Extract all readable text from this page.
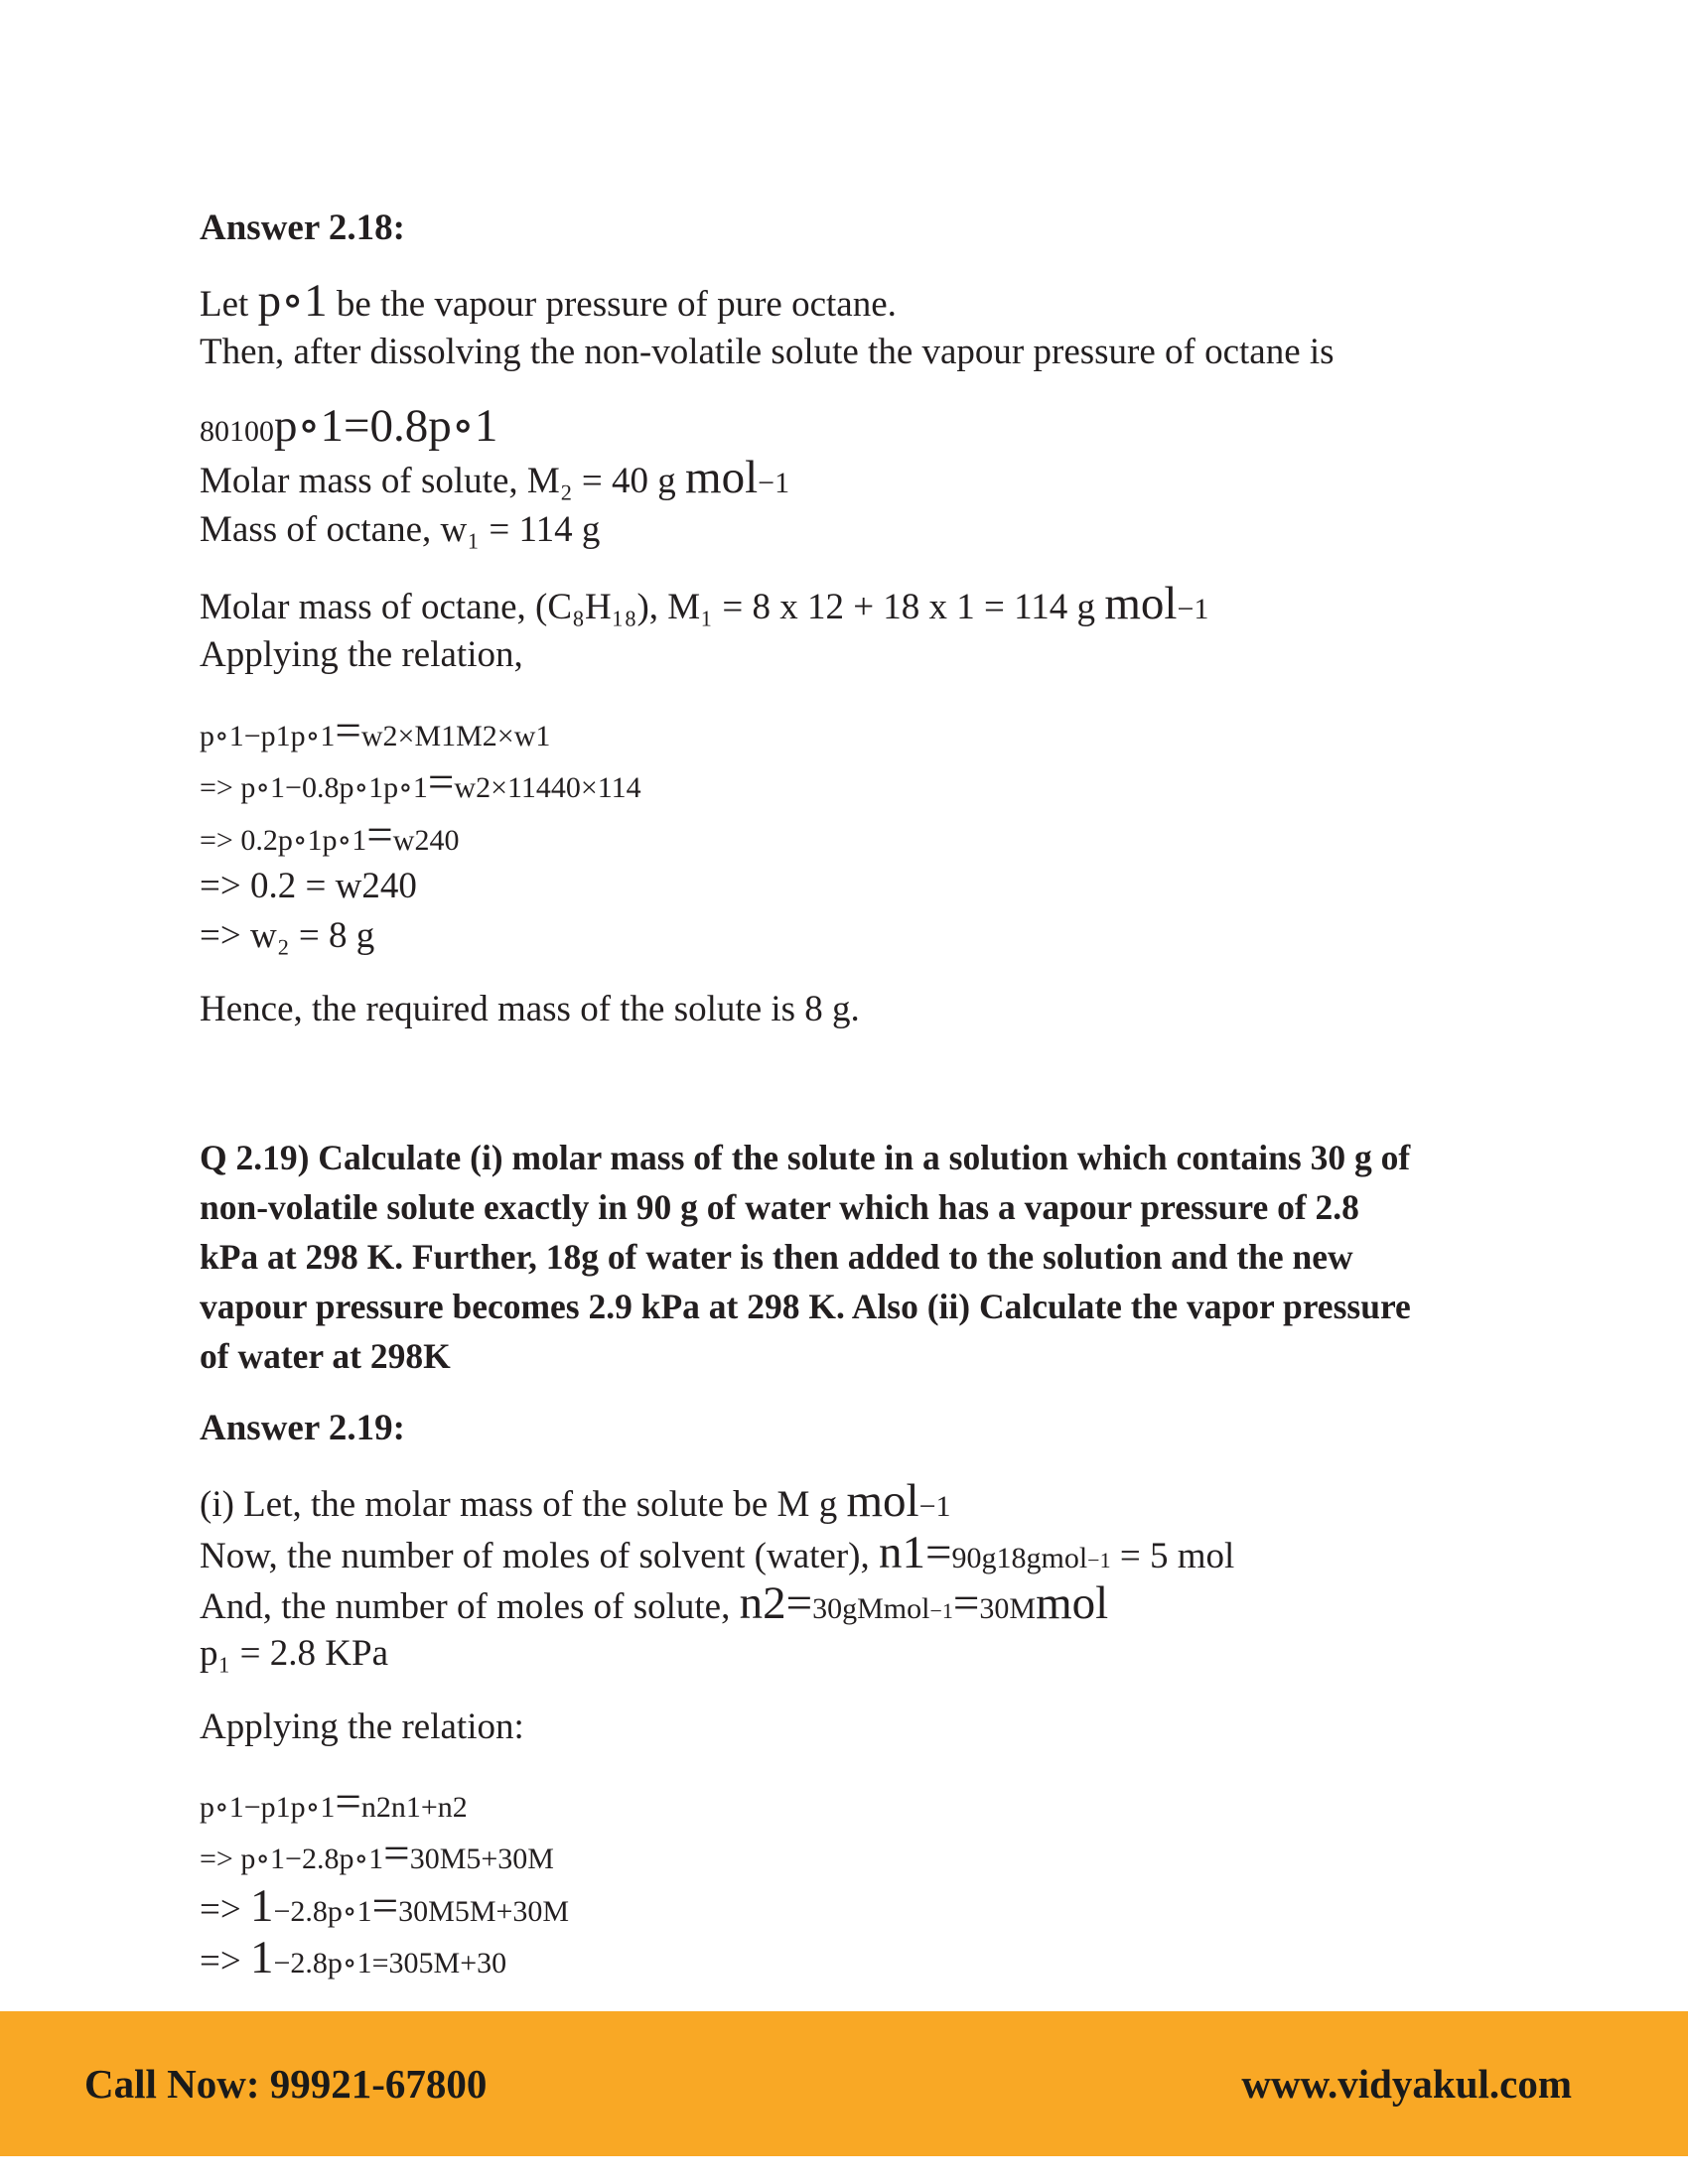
Answer 2.18:
Let p∘1 be the vapour pressure of pure octane.
Then, after dissolving the non-volatile solute the vapour pressure of octane is
80100p∘1=0.8p∘1
Molar mass of solute, M₂ = 40 g mol−1
Mass of octane, w₁ = 114 g
Molar mass of octane, (C₈H₁₈), M₁ = 8 x 12 + 18 x 1 = 114 g mol−1
Applying the relation,
p∘1−p1p∘1=w2×M1M2×w1
=> p∘1−0.8p∘1p∘1=w2×11440×114
=> 0.2p∘1p∘1=w240
=> 0.2 = w240
=> w₂ = 8 g
Hence, the required mass of the solute is 8 g.
Q 2.19) Calculate (i) molar mass of the solute in a solution which contains 30 g of
non-volatile solute exactly in 90 g of water which has a vapour pressure of 2.8
kPa at 298 K. Further, 18g of water is then added to the solution and the new
vapour pressure becomes 2.9 kPa at 298 K. Also (ii) Calculate the vapor pressure
of water at 298K
Answer 2.19:
(i) Let, the molar mass of the solute be M g mol−1
Now, the number of moles of solvent (water), n1=90g18gmol−1 = 5 mol
And, the number of moles of solute, n2=30gMmol−1=30Mmol
p₁ = 2.8 KPa
Applying the relation:
p∘1−p1p∘1=n2n1+n2
=> p∘1−2.8p∘1=30M5+30M
=> 1−2.8p∘1=30M5M+30M
=> 1−2.8p∘1=305M+30
Call Now: 99921-67800	www.vidyakul.com
